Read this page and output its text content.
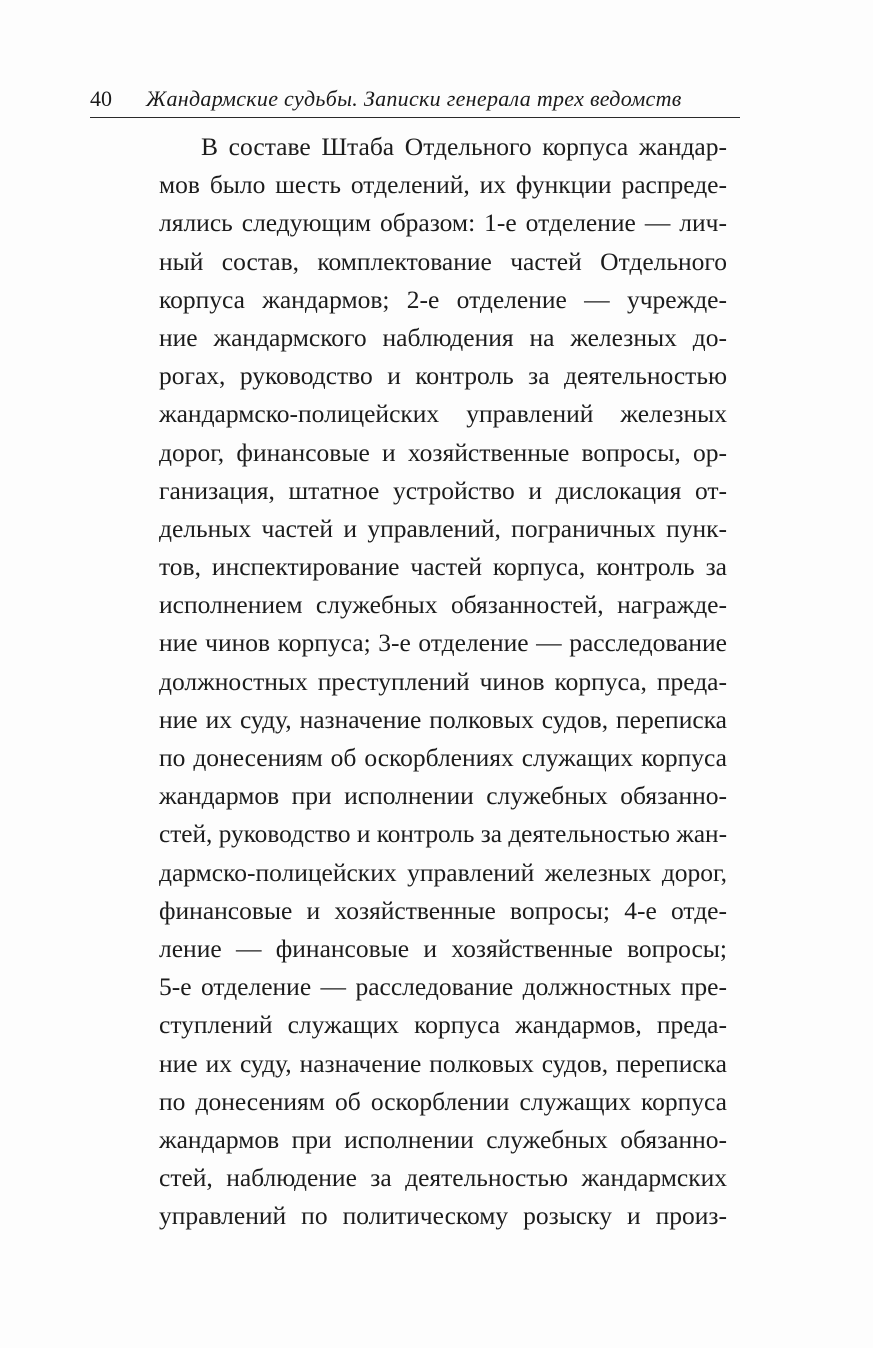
40 Жандармские судьбы. Записки генерала трех ведомств
В составе Штаба Отдельного корпуса жандар-
мов было шесть отделений, их функции распреде-
лялись следующим образом: 1-е отделение — лич-
ный состав, комплектование частей Отдельного
корпуса жандармов; 2-е отделение — учрежде-
ние жандармского наблюдения на железных до-
рогах, руководство и контроль за деятельностью
жандармско-полицейских управлений железных
дорог, финансовые и хозяйственные вопросы, ор-
ганизация, штатное устройство и дислокация от-
дельных частей и управлений, пограничных пунк-
тов, инспектирование частей корпуса, контроль за
исполнением служебных обязанностей, награжде-
ние чинов корпуса; 3-е отделение — расследование
должностных преступлений чинов корпуса, преда-
ние их суду, назначение полковых судов, переписка
по донесениям об оскорблениях служащих корпуса
жандармов при исполнении служебных обязанно-
стей, руководство и контроль за деятельностью жан-
дармско-полицейских управлений железных дорог,
финансовые и хозяйственные вопросы; 4-е отде-
ление — финансовые и хозяйственные вопросы;
5-е отделение — расследование должностных пре-
ступлений служащих корпуса жандармов, преда-
ние их суду, назначение полковых судов, переписка
по донесениям об оскорблении служащих корпуса
жандармов при исполнении служебных обязанно-
стей, наблюдение за деятельностью жандармских
управлений по политическому розыску и произ-
